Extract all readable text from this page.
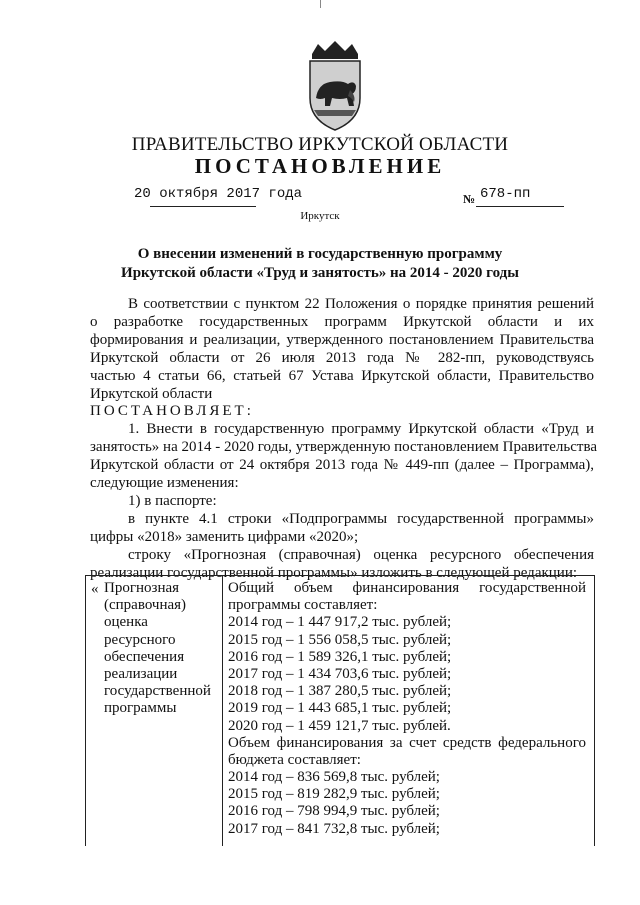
ПРАВИТЕЛЬСТВО ИРКУТСКОЙ ОБЛАСТИ
ПОСТАНОВЛЕНИЕ
20 октября 2017 года	№ 678-пп
Иркутск
О внесении изменений в государственную программу
Иркутской области «Труд и занятость» на 2014 - 2020 годы
В соответствии с пунктом 22 Положения о порядке принятия решений
о разработке государственных программ Иркутской области и их
формирования и реализации, утвержденного постановлением Правительства
Иркутской области от 26 июля 2013 года № 282-пп, руководствуясь
частью 4 статьи 66, статьей 67 Устава Иркутской области, Правительство
Иркутской области
ПОСТАНОВЛЯЕТ:
1. Внести в государственную программу Иркутской области «Труд и
занятость» на 2014 - 2020 годы, утвержденную постановлением Правительства
Иркутской области от 24 октября 2013 года № 449-пп (далее – Программа),
следующие изменения:
1) в паспорте:
в пункте 4.1 строки «Подпрограммы государственной программы»
цифры «2018» заменить цифрами «2020»;
строку «Прогнозная (справочная) оценка ресурсного обеспечения
реализации государственной программы» изложить в следующей редакции:
« Прогнозная
(справочная)
оценка
ресурсного
обеспечения
реализации
государственной
программы
Общий объем финансирования государственной
программы составляет:
2014 год – 1 447 917,2 тыс. рублей;
2015 год – 1 556 058,5 тыс. рублей;
2016 год – 1 589 326,1 тыс. рублей;
2017 год – 1 434 703,6 тыс. рублей;
2018 год – 1 387 280,5 тыс. рублей;
2019 год – 1 443 685,1 тыс. рублей;
2020 год – 1 459 121,7 тыс. рублей.
Объем финансирования за счет средств федерального
бюджета составляет:
2014 год – 836 569,8 тыс. рублей;
2015 год – 819 282,9 тыс. рублей;
2016 год – 798 994,9 тыс. рублей;
2017 год – 841 732,8 тыс. рублей;
